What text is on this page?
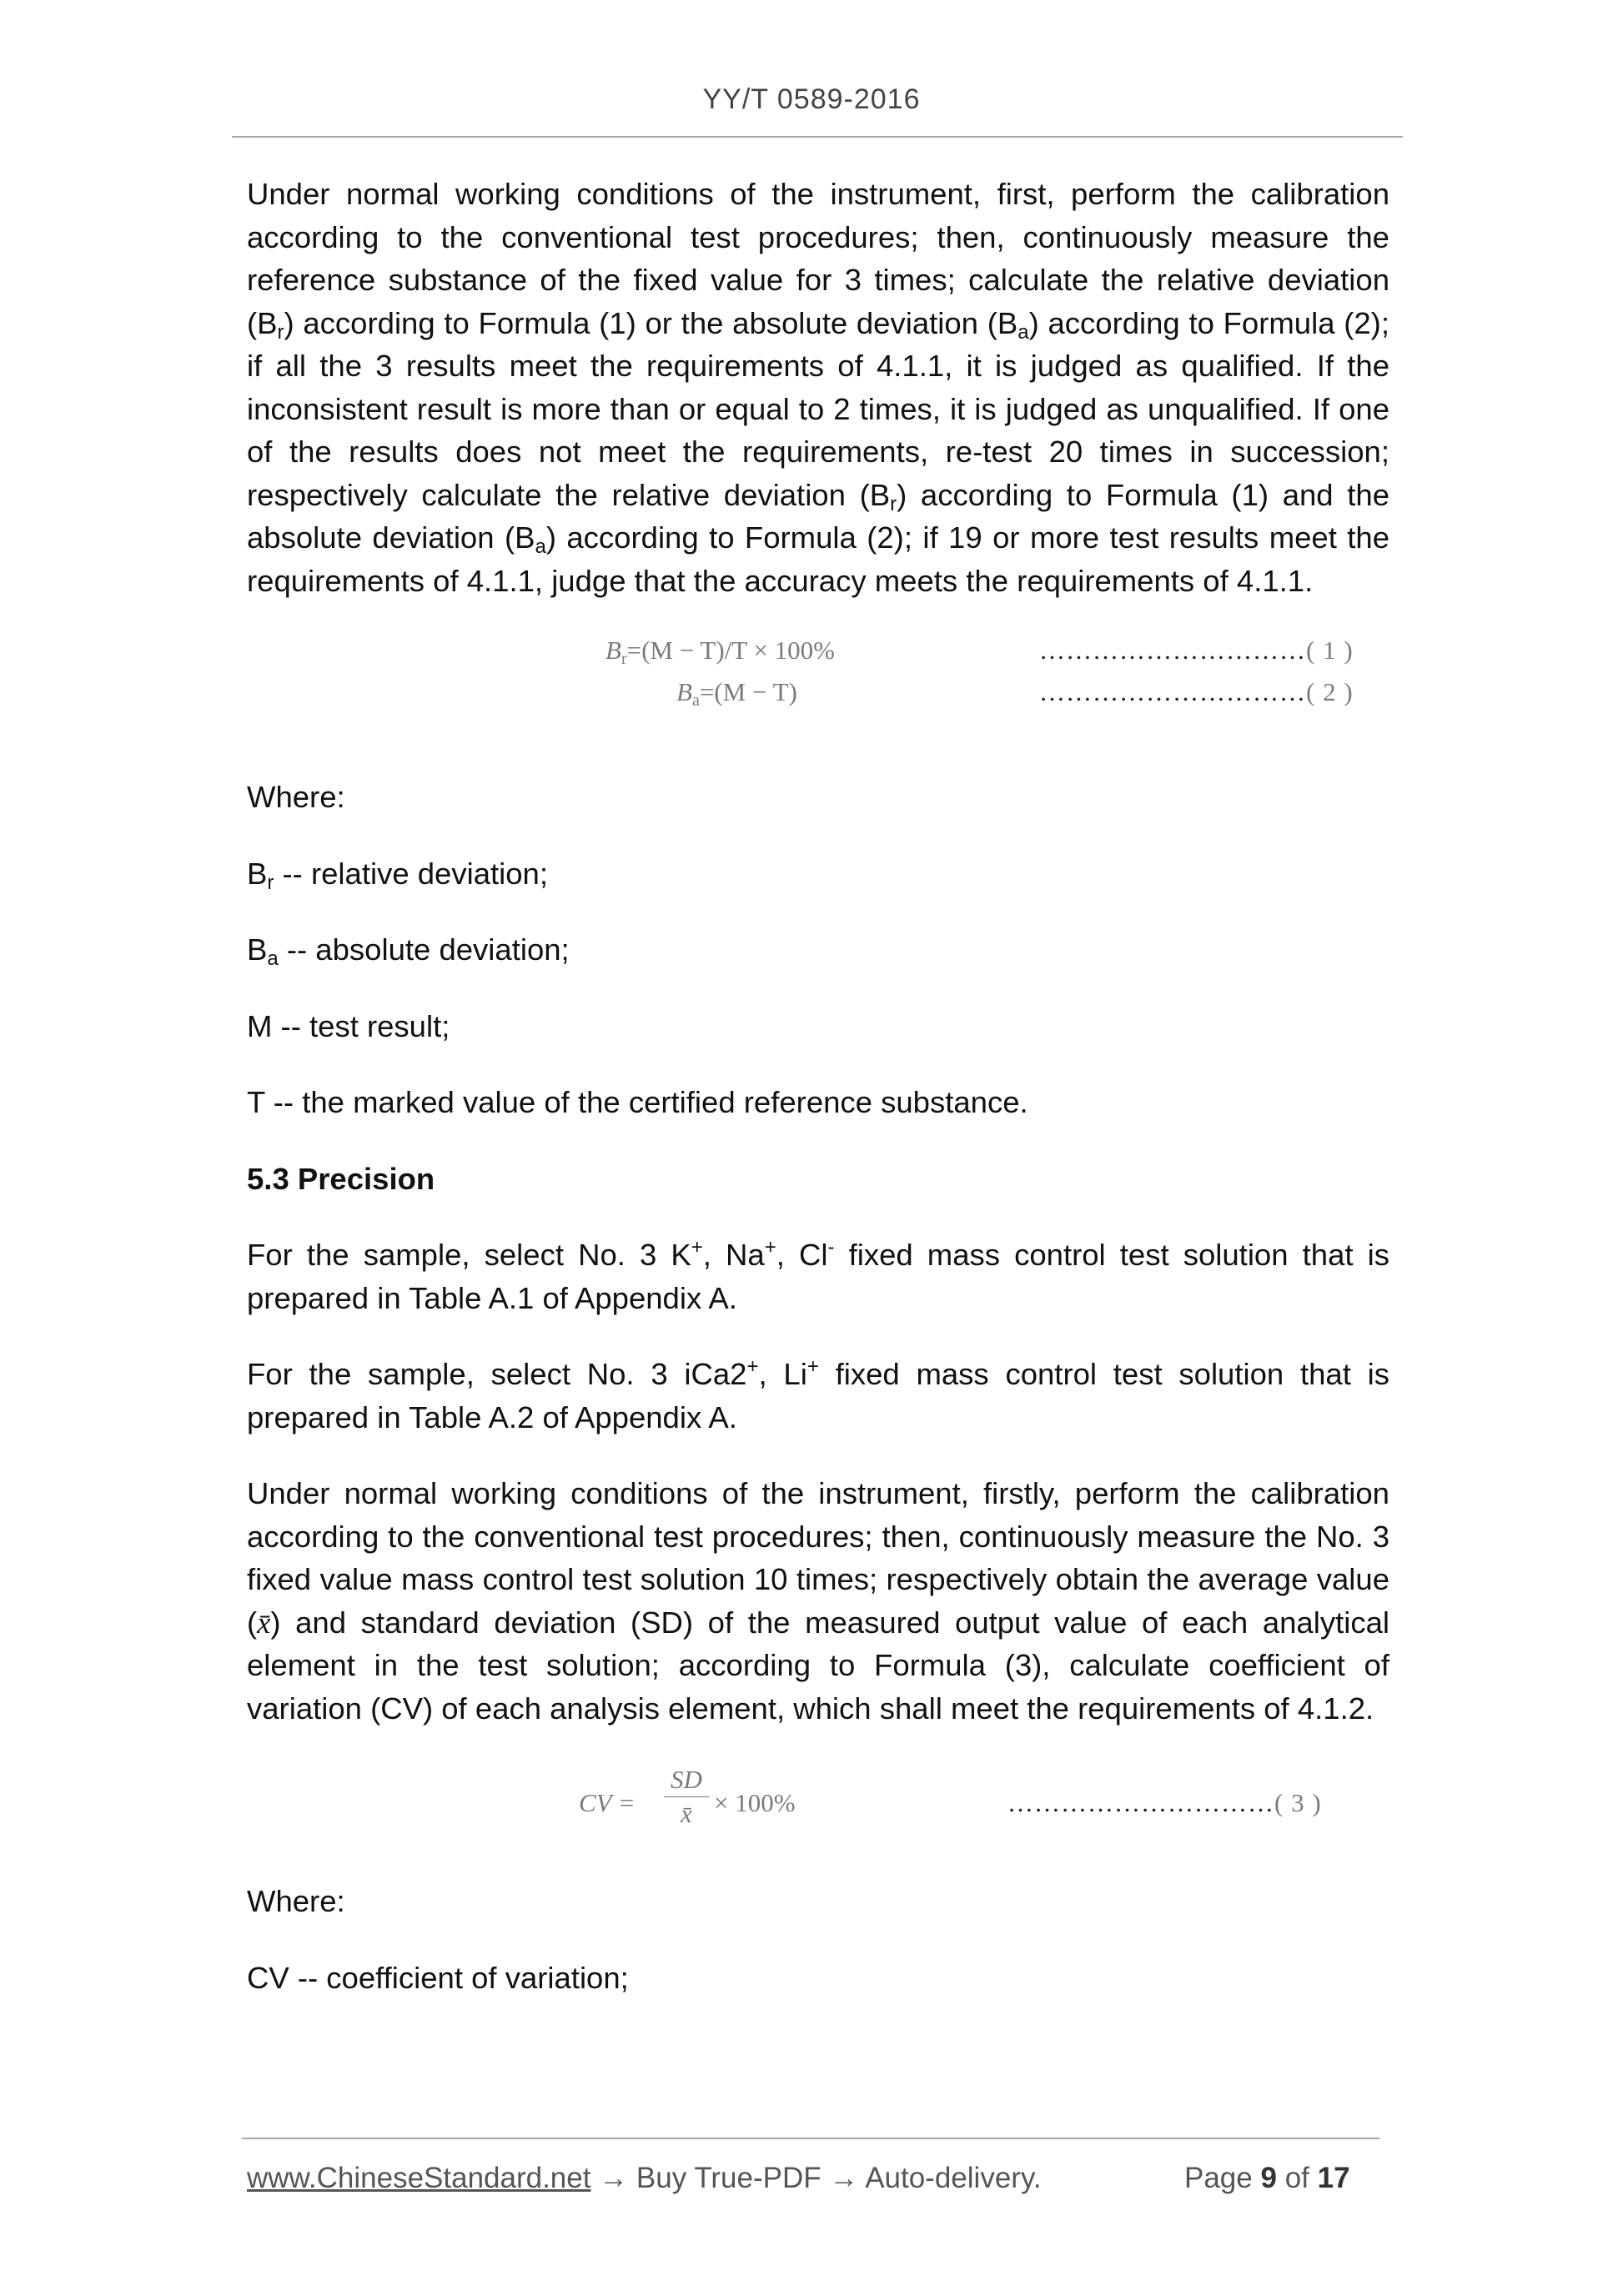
YY/T 0589-2016

Under normal working conditions of the instrument, first, perform the calibration according to the conventional test procedures; then, continuously measure the reference substance of the fixed value for 3 times; calculate the relative deviation $(B_r)$ according to Formula (1) or the absolute deviation $(B_a)$ according to Formula (2); if all the 3 results meet the requirements of 4.1.1, it is judged as qualified. If the inconsistent result is more than or equal to 2 times, it is judged as unqualified. If one of the results does not meet the requirements, re-test 20 times in succession; respectively calculate the relative deviation $(B_r)$ according to Formula (1) and the absolute deviation $(B_a)$ according to Formula (2); if 19 or more test results meet the requirements of 4.1.1, judge that the accuracy meets the requirements of 4.1.1.

Br=(M − T)/T × 100%	…………………………( 1 )
Ba=(M − T)	…………………………( 2 )

Where:

$B_r$ -- relative deviation;

$B_a$ -- absolute deviation;

M -- test result;

T -- the marked value of the certified reference substance.

5.3 Precision

For the sample, select No. 3 K+, Na+, Cl- fixed mass control test solution that is prepared in Table A.1 of Appendix A.

For the sample, select No. 3 iCa2+, Li+ fixed mass control test solution that is prepared in Table A.2 of Appendix A.

Under normal working conditions of the instrument, firstly, perform the calibration according to the conventional test procedures; then, continuously measure the No. 3 fixed value mass control test solution 10 times; respectively obtain the average value (x̄) and standard deviation (SD) of the measured output value of each analytical element in the test solution; according to Formula (3), calculate coefficient of variation (CV) of each analysis element, which shall meet the requirements of 4.1.2.

CV =
SD
x̄ × 100%	…………………………( 3 )

Where:

CV -- coefficient of variation;

www.ChineseStandard.net → Buy True-PDF → Auto-delivery.	Page 9 of 17
